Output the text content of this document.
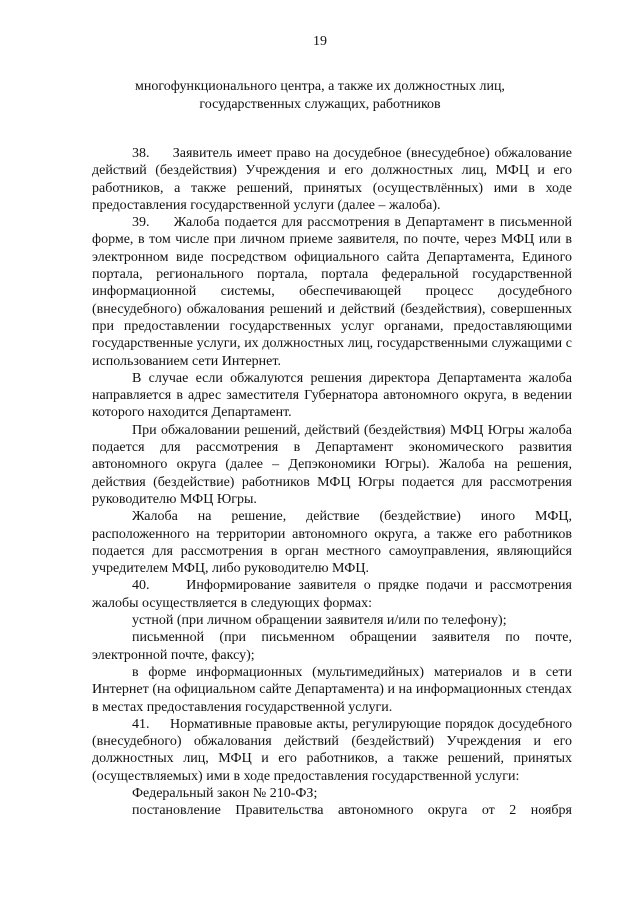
19
многофункционального центра, а также их должностных лиц,
государственных служащих, работников

38.     Заявитель имеет право на досудебное (внесудебное) обжалование действий (бездействия) Учреждения и его должностных лиц, МФЦ и его работников, а также решений, принятых (осуществлённых) ими в ходе предоставления государственной услуги (далее – жалоба).

39.     Жалоба подается для рассмотрения в Департамент в письменной форме, в том числе при личном приеме заявителя, по почте, через МФЦ или в электронном виде посредством официального сайта Департамента, Единого портала, регионального портала, портала федеральной государственной информационной системы, обеспечивающей процесс досудебного (внесудебного) обжалования решений и действий (бездействия), совершенных при предоставлении государственных услуг органами, предоставляющими государственные услуги, их должностных лиц, государственными служащими с использованием сети Интернет.

В случае если обжалуются решения директора Департамента жалоба направляется в адрес заместителя Губернатора автономного округа, в ведении которого находится Департамент.

При обжаловании решений, действий (бездействия) МФЦ Югры жалоба подается для рассмотрения в Департамент экономического развития автономного округа (далее – Депэкономики Югры). Жалоба на решения, действия (бездействие) работников МФЦ Югры подается для рассмотрения руководителю МФЦ Югры.

Жалоба на решение, действие (бездействие) иного МФЦ, расположенного на территории автономного округа, а также его работников подается для рассмотрения в орган местного самоуправления, являющийся учредителем МФЦ, либо руководителю МФЦ.

40.     Информирование заявителя о прядке подачи и рассмотрения жалобы осуществляется в следующих формах:

устной (при личном обращении заявителя и/или по телефону);

письменной (при письменном обращении заявителя по почте, электронной почте, факсу);

в форме информационных (мультимедийных) материалов и в сети Интернет (на официальном сайте Департамента) и на информационных стендах в местах предоставления государственной услуги.

41.     Нормативные правовые акты, регулирующие порядок досудебного (внесудебного) обжалования действий (бездействий) Учреждения и его должностных лиц, МФЦ и его работников, а также решений, принятых (осуществляемых) ими в ходе предоставления государственной услуги:

Федеральный закон № 210-ФЗ;

постановление Правительства автономного округа от 2 ноября
